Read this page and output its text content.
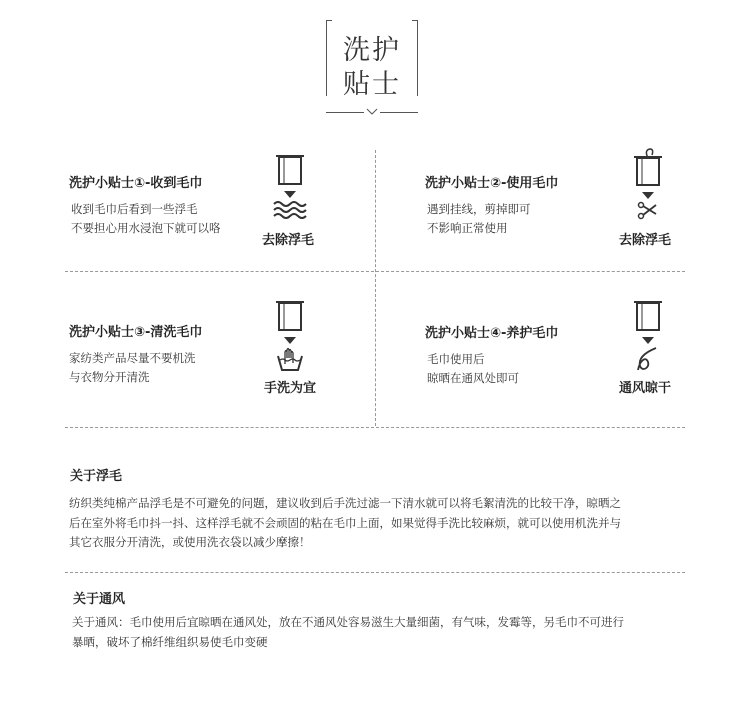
洗护
贴士
洗护小贴士①-收到毛巾
收到毛巾后看到一些浮毛
不要担心用水浸泡下就可以咯
去除浮毛
洗护小贴士②-使用毛巾
遇到挂线，剪掉即可
不影响正常使用
去除浮毛
洗护小贴士③-清洗毛巾
家纺类产品尽量不要机洗
与衣物分开清洗
手洗为宜
洗护小贴士④-养护毛巾
毛巾使用后
晾晒在通风处即可
通风晾干
关于浮毛
纺织类纯棉产品浮毛是不可避免的问题，建议收到后手洗过滤一下清水就可以将毛絮清洗的比较干净，晾晒之
后在室外将毛巾抖一抖、这样浮毛就不会顽固的粘在毛巾上面，如果觉得手洗比较麻烦，就可以使用机洗并与
其它衣服分开清洗，或使用洗衣袋以减少摩擦！
关于通风
关于通风：毛巾使用后宜晾晒在通风处，放在不通风处容易滋生大量细菌，有气味，发霉等，另毛巾不可进行
暴晒，破坏了棉纤维组织易使毛巾变硬
